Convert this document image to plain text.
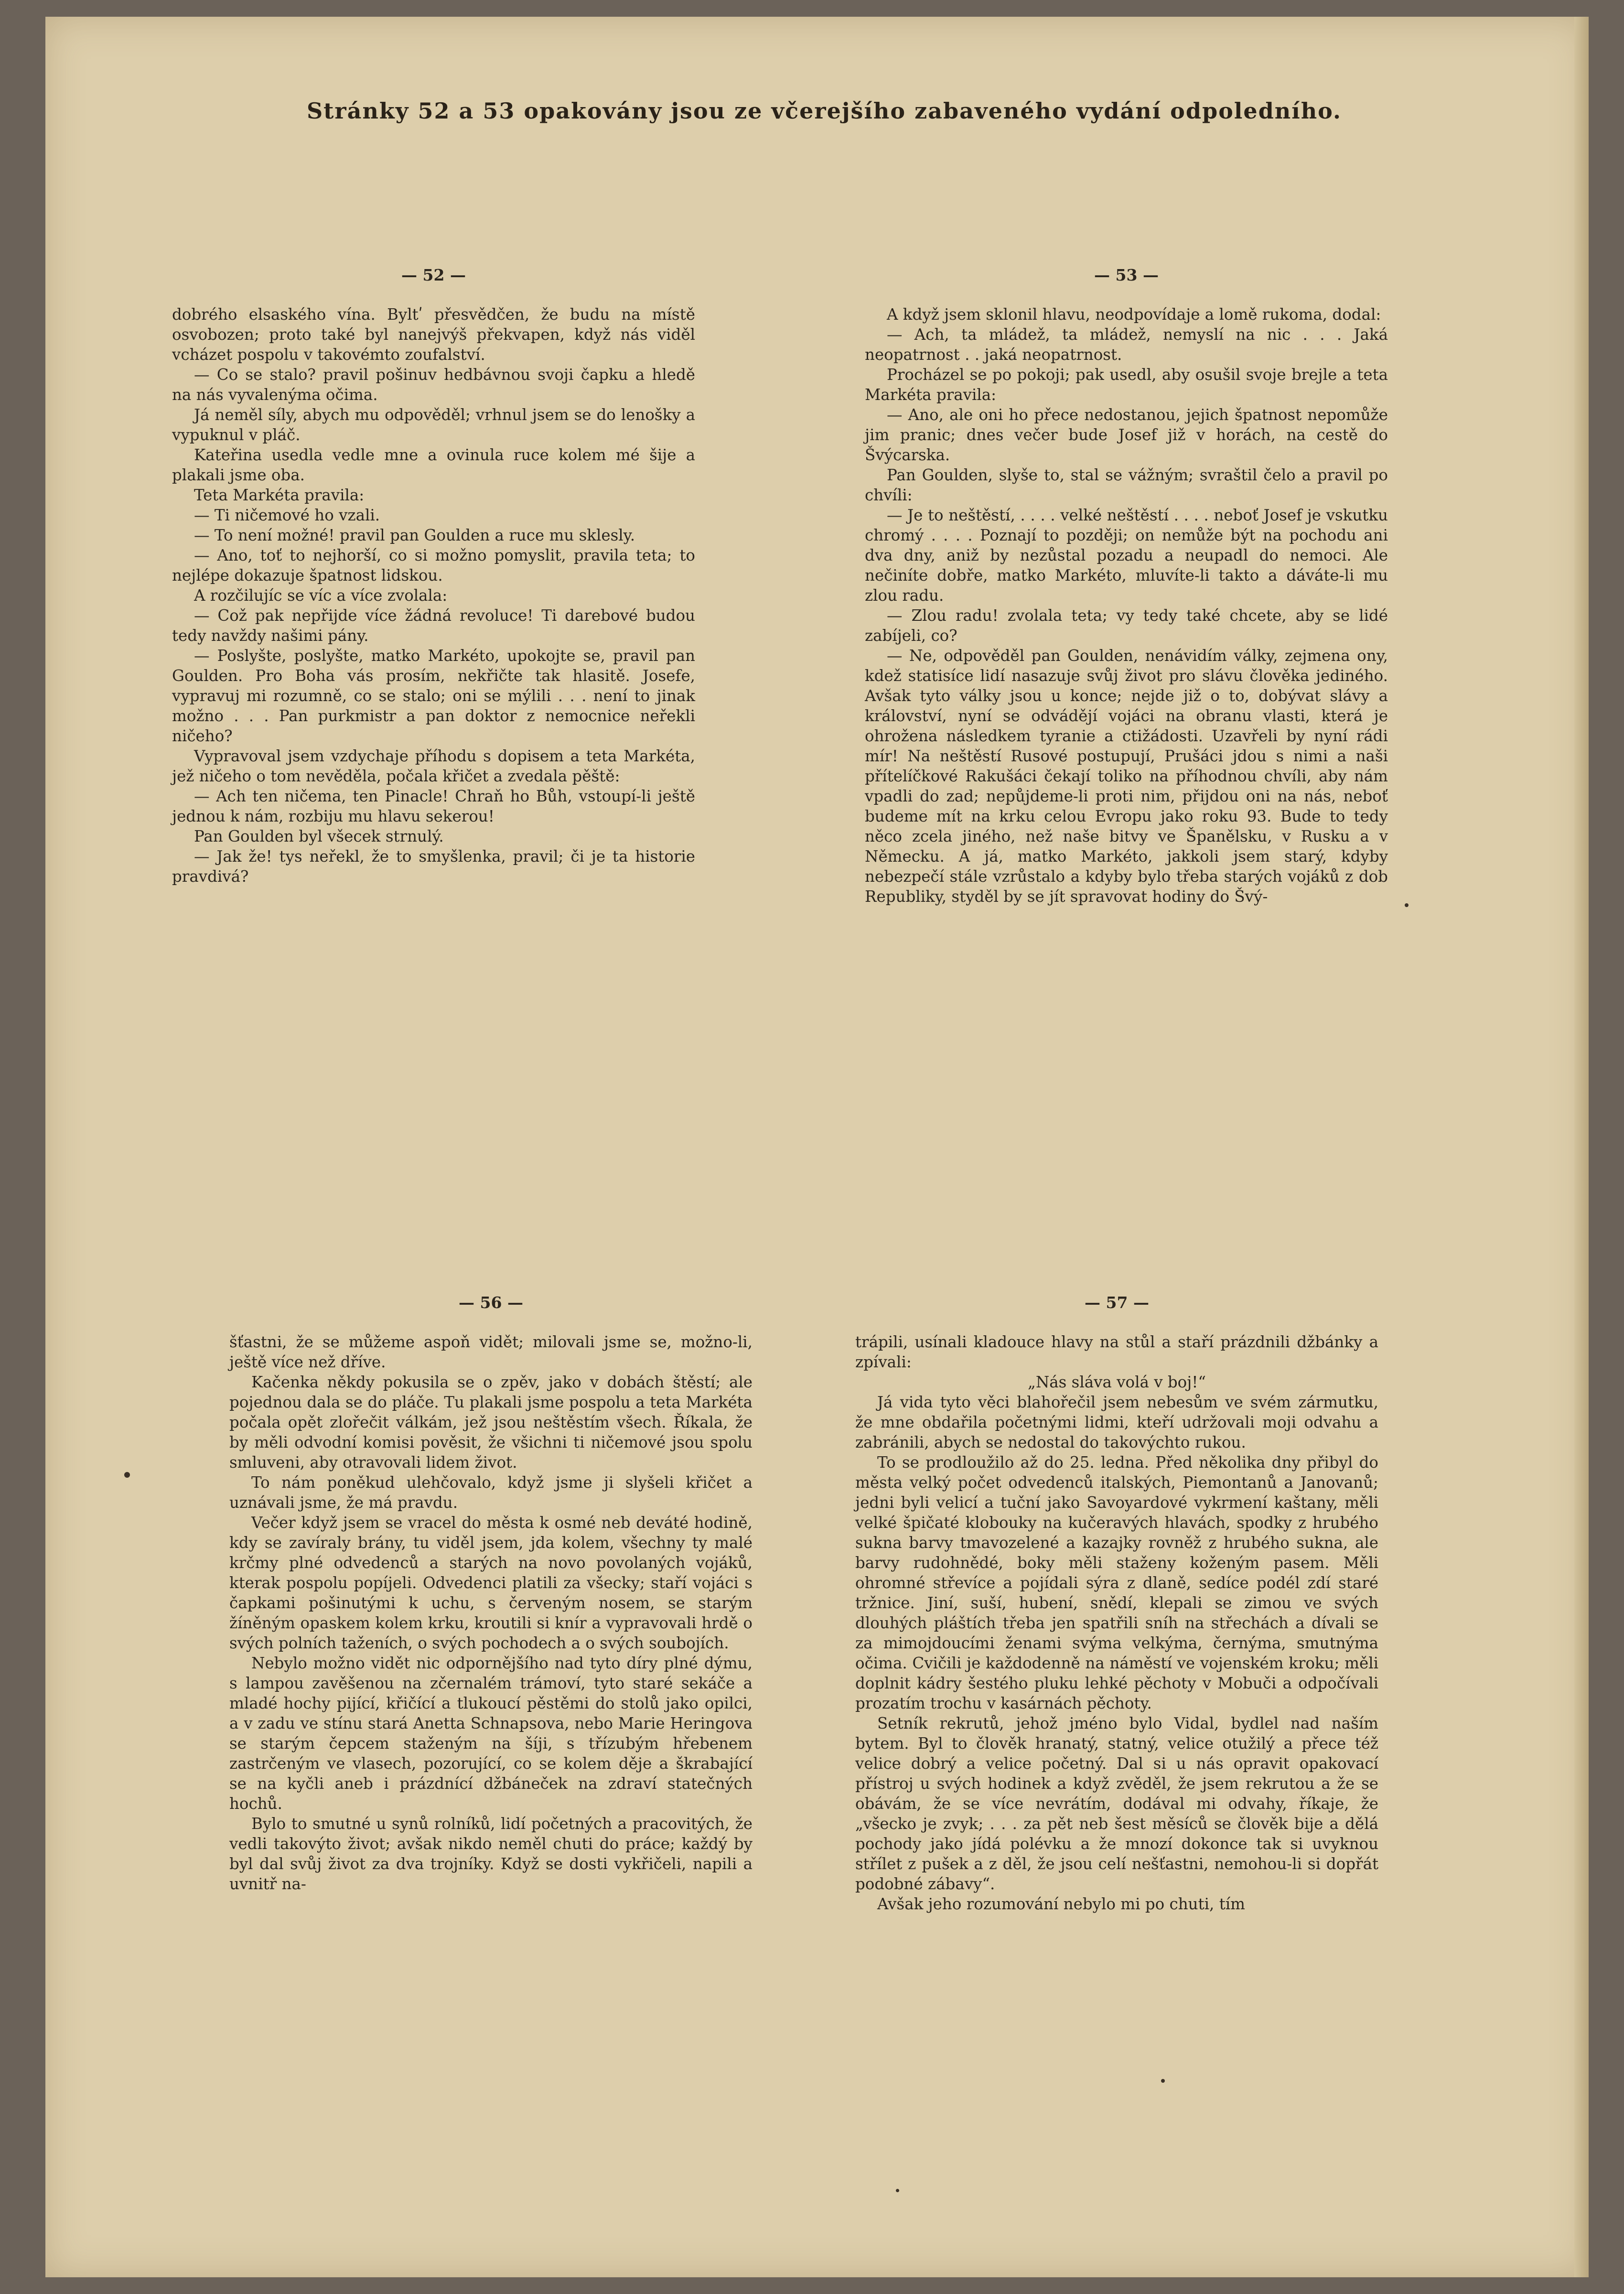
Stránky 52 a 53 opakovány jsou ze včerejšího zabaveného vydání odpoledního.
— 52 —

dobrého elsaského vína. Byltʹ přesvědčen, že budu na místě osvobozen; proto také byl nanejvýš překvapen, když nás viděl vcházet pospolu v takovémto zoufalství.

— Co se stalo? pravil pošinuv hedbávnou svoji čapku a hledě na nás vyvalenýma očima.

Já neměl síly, abych mu odpověděl; vrhnul jsem se do lenošky a vypuknul v pláč.

Kateřina usedla vedle mne a ovinula ruce kolem mé šije a plakali jsme oba.

Teta Markéta pravila:

— Ti ničemové ho vzali.

— To není možné! pravil pan Goulden a ruce mu sklesly.

— Ano, toť to nejhorší, co si možno pomyslit, pravila teta; to nejlépe dokazuje špatnost lidskou.

A rozčilujíc se víc a více zvolala:

— Což pak nepřijde více žádná revoluce! Ti darebové budou tedy navždy našimi pány.

— Poslyšte, poslyšte, matko Markéto, upokojte se, pravil pan Goulden. Pro Boha vás prosím, nekřičte tak hlasitě. Josefe, vypravuj mi rozumně, co se stalo; oni se mýlili . . . není to jinak možno . . . Pan purkmistr a pan doktor z nemocnice neřekli ničeho?

Vypravoval jsem vzdychaje příhodu s dopisem a teta Markéta, jež ničeho o tom nevěděla, počala křičet a zvedala pěště:

— Ach ten ničema, ten Pinacle! Chraň ho Bůh, vstoupí-li ještě jednou k nám, rozbiju mu hlavu sekerou!

Pan Goulden byl všecek strnulý.

— Jak že! tys neřekl, že to smyšlenka, pravil; či je ta historie pravdivá?

— 53 —

A když jsem sklonil hlavu, neodpovídaje a lomě rukoma, dodal:

— Ach, ta mládež, ta mládež, nemyslí na nic . . . Jaká neopatrnost . . jaká neopatrnost.

Procházel se po pokoji; pak usedl, aby osušil svoje brejle a teta Markéta pravila:

— Ano, ale oni ho přece nedostanou, jejich špatnost nepomůže jim pranic; dnes večer bude Josef již v horách, na cestě do Švýcarska.

Pan Goulden, slyše to, stal se vážným; svraštil čelo a pravil po chvíli:

— Je to neštěstí, . . . . velké neštěstí . . . . neboť Josef je vskutku chromý . . . . Poznají to později; on nemůže být na pochodu ani dva dny, aniž by nezůstal pozadu a neupadl do nemoci. Ale nečiníte dobře, matko Markéto, mluvíte-li takto a dáváte-li mu zlou radu.

— Zlou radu! zvolala teta; vy tedy také chcete, aby se lidé zabíjeli, co?

— Ne, odpověděl pan Goulden, nenávidím války, zejmena ony, kdež statisíce lidí nasazuje svůj život pro slávu člověka jediného. Avšak tyto války jsou u konce; nejde již o to, dobývat slávy a království, nyní se odvádějí vojáci na obranu vlasti, která je ohrožena následkem tyranie a ctižádosti. Uzavřeli by nyní rádi mír! Na neštěstí Rusové postupují, Prušáci jdou s nimi a naši přítelíčkové Rakušáci čekají toliko na příhodnou chvíli, aby nám vpadli do zad; nepůjdeme-li proti nim, přijdou oni na nás, neboť budeme mít na krku celou Evropu jako roku 93. Bude to tedy něco zcela jiného, než naše bitvy ve Španělsku, v Rusku a v Německu. A já, matko Markéto, jakkoli jsem starý, kdyby nebezpečí stále vzrůstalo a kdyby bylo třeba starých vojáků z dob Republiky, styděl by se jít spravovat hodiny do Švý-

— 56 —

šťastni, že se můžeme aspoň vidět; milovali jsme se, možno-li, ještě více než dříve.

Kačenka někdy pokusila se o zpěv, jako v dobách štěstí; ale pojednou dala se do pláče. Tu plakali jsme pospolu a teta Markéta počala opět zlořečit válkám, jež jsou neštěstím všech. Říkala, že by měli odvodní komisi pověsit, že všichni ti ničemové jsou spolu smluveni, aby otravovali lidem život.

To nám poněkud ulehčovalo, když jsme ji slyšeli křičet a uznávali jsme, že má pravdu.

Večer když jsem se vracel do města k osmé neb deváté hodině, kdy se zavíraly brány, tu viděl jsem, jda kolem, všechny ty malé krčmy plné odvedenců a starých na novo povolaných vojáků, kterak pospolu popíjeli. Odvedenci platili za všecky; staří vojáci s čapkami pošinutými k uchu, s červeným nosem, se starým žíněným opaskem kolem krku, kroutili si knír a vypravovali hrdě o svých polních taženích, o svých pochodech a o svých soubojích.

Nebylo možno vidět nic odpornějšího nad tyto díry plné dýmu, s lampou zavěšenou na zčernalém trámoví, tyto staré sekáče a mladé hochy pijící, křičící a tlukoucí pěstěmi do stolů jako opilci, a v zadu ve stínu stará Anetta Schnapsova, nebo Marie Heringova se starým čepcem staženým na šíji, s třízubým hřebenem zastrčeným ve vlasech, pozorující, co se kolem děje a škrabající se na kyčli aneb i prázdnící džbáneček na zdraví statečných hochů.

Bylo to smutné u synů rolníků, lidí početných a pracovitých, že vedli takovýto život; avšak nikdo neměl chuti do práce; každý by byl dal svůj život za dva trojníky. Když se dosti vykřičeli, napili a uvnitř na-

— 57 —

trápili, usínali kladouce hlavy na stůl a staří prázdnili džbánky a zpívali:

„Nás sláva volá v boj!“

Já vida tyto věci blahořečil jsem nebesům ve svém zármutku, že mne obdařila početnými lidmi, kteří udržovali moji odvahu a zabránili, abych se nedostal do takovýchto rukou.

To se prodloužilo až do 25. ledna. Před několika dny přibyl do města velký počet odvedenců italských, Piemontanů a Janovanů; jedni byli velicí a tuční jako Savoyardové vykrmení kaštany, měli velké špičaté klobouky na kučeravých hlavách, spodky z hrubého sukna barvy tmavozelené a kazajky rovněž z hrubého sukna, ale barvy rudohnědé, boky měli staženy koženým pasem. Měli ohromné střevíce a pojídali sýra z dlaně, sedíce podél zdí staré tržnice. Jiní, suší, hubení, snědí, klepali se zimou ve svých dlouhých pláštích třeba jen spatřili sníh na střechách a dívali se za mimojdoucími ženami svýma velkýma, černýma, smutnýma očima. Cvičili je každodenně na náměstí ve vojenském kroku; měli doplnit kádry šestého pluku lehké pěchoty v Mobuči a odpočívali prozatím trochu v kasárnách pěchoty.

Setník rekrutů, jehož jméno bylo Vidal, bydlel nad naším bytem. Byl to člověk hranatý, statný, velice otužilý a přece též velice dobrý a velice početný. Dal si u nás opravit opakovací přístroj u svých hodinek a když zvěděl, že jsem rekrutou a že se obávám, že se více nevrátím, dodával mi odvahy, říkaje, že „všecko je zvyk; . . . za pět neb šest měsíců se člověk bije a dělá pochody jako jídá polévku a že mnozí dokonce tak si uvyknou střílet z pušek a z děl, že jsou celí nešťastni, nemohou-li si dopřát podobné zábavy“.

Avšak jeho rozumování nebylo mi po chuti, tím
